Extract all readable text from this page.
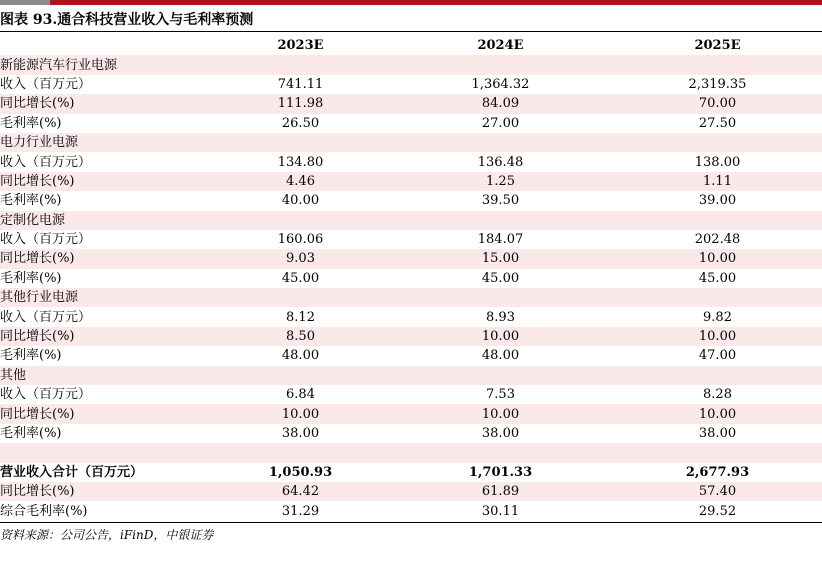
图表 93.通合科技营业收入与毛利率预测
	2023E	2024E	2025E
新能源汽车行业电源			
收入（百万元）	741.11	1,364.32	2,319.35
同比增长(%)	111.98	84.09	70.00
毛利率(%)	26.50	27.00	27.50
电力行业电源			
收入（百万元）	134.80	136.48	138.00
同比增长(%)	4.46	1.25	1.11
毛利率(%)	40.00	39.50	39.00
定制化电源			
收入（百万元）	160.06	184.07	202.48
同比增长(%)	9.03	15.00	10.00
毛利率(%)	45.00	45.00	45.00
其他行业电源			
收入（百万元）	8.12	8.93	9.82
同比增长(%)	8.50	10.00	10.00
毛利率(%)	48.00	48.00	47.00
其他			
收入（百万元）	6.84	7.53	8.28
同比增长(%)	10.00	10.00	10.00
毛利率(%)	38.00	38.00	38.00

营业收入合计（百万元）	1,050.93	1,701.33	2,677.93
同比增长(%)	64.42	61.89	57.40
综合毛利率(%)	31.29	30.11	29.52
资料来源：公司公告，iFinD，中银证券
